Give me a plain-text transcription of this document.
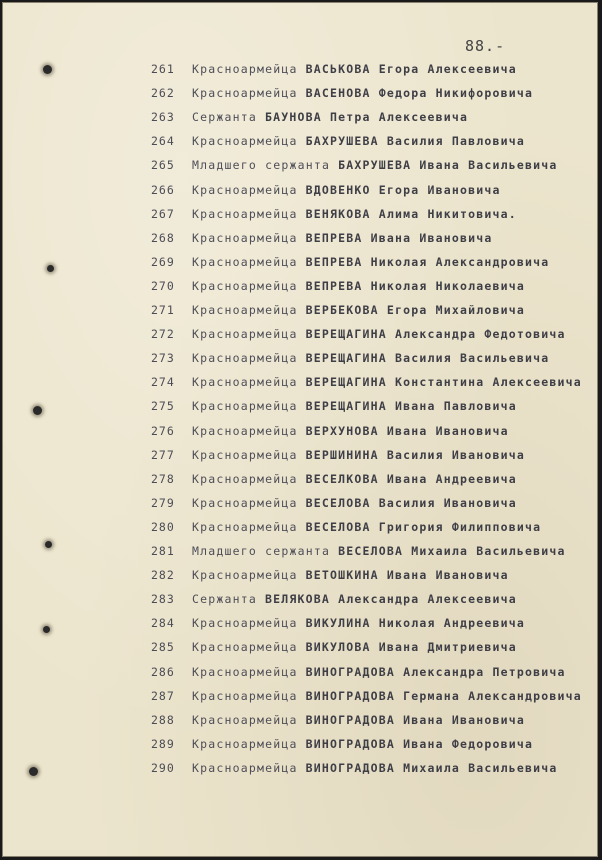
88.-
261 Красноармейца ВАСЬКОВА Егора Алексеевича
262 Красноармейца ВАСЕНОВА Федора Никифоровича
263 Сержанта БАУНОВА Петра Алексеевича
264 Красноармейца БАХРУШЕВА Василия Павловича
265 Младшего сержанта БАХРУШЕВА Ивана Васильевича
266 Красноармейца ВДОВЕНКО Егора Ивановича
267 Красноармейца ВЕНЯКОВА Алима Никитовича.
268 Красноармейца ВЕПРЕВА Ивана Ивановича
269 Красноармейца ВЕПРЕВА Николая Александровича
270 Красноармейца ВЕПРЕВА Николая Николаевича
271 Красноармейца ВЕРБЕКОВА Егора Михайловича
272 Красноармейца ВЕРЕЩАГИНА Александра Федотовича
273 Красноармейца ВЕРЕЩАГИНА Василия Васильевича
274 Красноармейца ВЕРЕЩАГИНА Константина Алексеевича
275 Красноармейца ВЕРЕЩАГИНА Ивана Павловича
276 Красноармейца ВЕРХУНОВА Ивана Ивановича
277 Красноармейца ВЕРШИНИНА Василия Ивановича
278 Красноармейца ВЕСЕЛКОВА Ивана Андреевича
279 Красноармейца ВЕСЕЛОВА Василия Ивановича
280 Красноармейца ВЕСЕЛОВА Григория Филипповича
281 Младшего сержанта ВЕСЕЛОВА Михаила Васильевича
282 Красноармейца ВЕТОШКИНА Ивана Ивановича
283 Сержанта ВЕЛЯКОВА Александра Алексеевича
284 Красноармейца ВИКУЛИНА Николая Андреевича
285 Красноармейца ВИКУЛОВА Ивана Дмитриевича
286 Красноармейца ВИНОГРАДОВА Александра Петровича
287 Красноармейца ВИНОГРАДОВА Германа Александровича
288 Красноармейца ВИНОГРАДОВА Ивана Ивановича
289 Красноармейца ВИНОГРАДОВА Ивана Федоровича
290 Красноармейца ВИНОГРАДОВА Михаила Васильевича
